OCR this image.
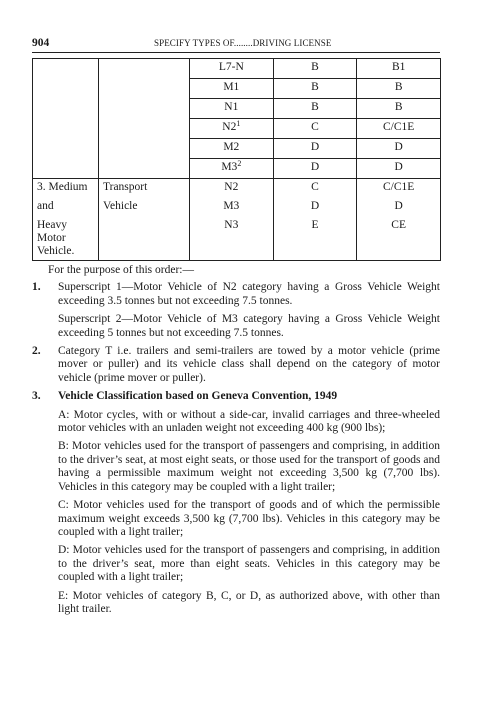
904	SPECIFY TYPES OF........DRIVING LICENSE
		L7-N	B	B1
		M1	B	B
		N1	B	B
		$N2^1$	C	C/C1E
		M2	D	D
		$M3^2$	D	D
3. Medium	Transport	N2	C	C/C1E
and	Vehicle	M3	D	D
Heavy Motor Vehicle.		N3	E	CE
For the purpose of this order:—
1. Superscript 1—Motor Vehicle of N2 category having a Gross Vehicle Weight exceeding 3.5 tonnes but not exceeding 7.5 tonnes.

Superscript 2—Motor Vehicle of M3 category having a Gross Vehicle Weight exceeding 5 tonnes but not exceeding 7.5 tonnes.

2. Category T i.e. trailers and semi-trailers are towed by a motor vehicle (prime mover or puller) and its vehicle class shall depend on the category of motor vehicle (prime mover or puller).

3. Vehicle Classification based on Geneva Convention, 1949

A: Motor cycles, with or without a side-car, invalid carriages and three-wheeled motor vehicles with an unladen weight not exceeding 400 kg (900 lbs);

B: Motor vehicles used for the transport of passengers and comprising, in addition to the driver’s seat, at most eight seats, or those used for the transport of goods and having a permissible maximum weight not exceeding 3,500 kg (7,700 lbs). Vehicles in this category may be coupled with a light trailer;

C: Motor vehicles used for the transport of goods and of which the permissible maximum weight exceeds 3,500 kg (7,700 lbs). Vehicles in this category may be coupled with a light trailer;

D: Motor vehicles used for the transport of passengers and comprising, in addition to the driver’s seat, more than eight seats. Vehicles in this category may be coupled with a light trailer;

E: Motor vehicles of category B, C, or D, as authorized above, with other than light trailer.
